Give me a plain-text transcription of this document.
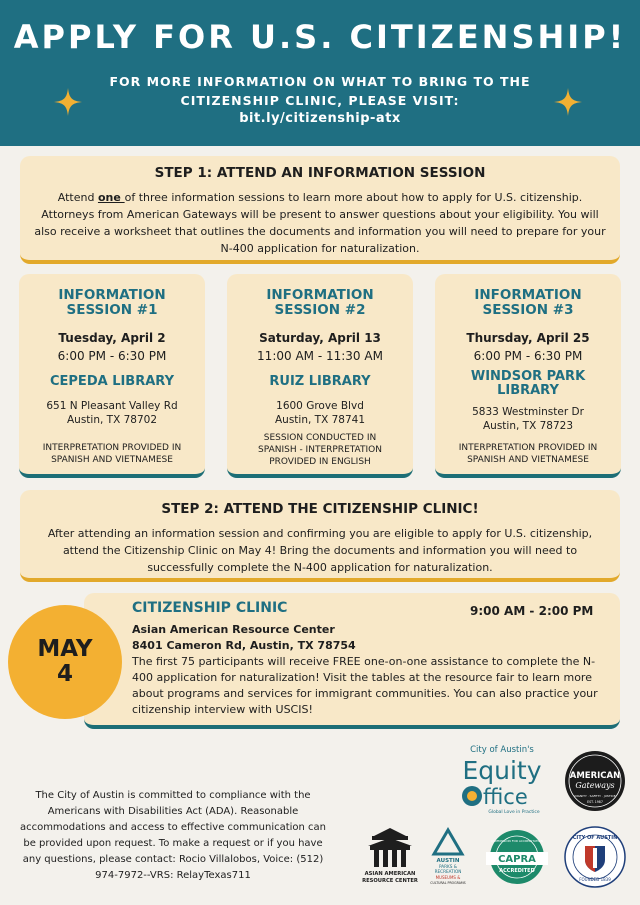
APPLY FOR U.S. CITIZENSHIP!
FOR MORE INFORMATION ON WHAT TO BRING TO THE
CITIZENSHIP CLINIC, PLEASE VISIT:
bit.ly/citizenship-atx
STEP 1: ATTEND AN INFORMATION SESSION
Attend one of three information sessions to learn more about how to apply for U.S. citizenship. Attorneys from American Gateways will be present to answer questions about your eligibility. You will also receive a worksheet that outlines the documents and information you will need to prepare for your N-400 application for naturalization.
INFORMATION
SESSION #1
Tuesday, April 2
6:00 PM - 6:30 PM
CEPEDA LIBRARY
651 N Pleasant Valley Rd
Austin, TX 78702
INTERPRETATION PROVIDED IN
SPANISH AND VIETNAMESE
INFORMATION
SESSION #2
Saturday, April 13
11:00 AM - 11:30 AM
RUIZ LIBRARY
1600 Grove Blvd
Austin, TX 78741
SESSION CONDUCTED IN
SPANISH - INTERPRETATION
PROVIDED IN ENGLISH
INFORMATION
SESSION #3
Thursday, April 25
6:00 PM - 6:30 PM
WINDSOR PARK
LIBRARY
5833 Westminster Dr
Austin, TX 78723
INTERPRETATION PROVIDED IN
SPANISH AND VIETNAMESE
STEP 2: ATTEND THE CITIZENSHIP CLINIC!
After attending an information session and confirming you are eligible to apply for U.S. citizenship, attend the Citizenship Clinic on May 4! Bring the documents and information you will need to successfully complete the N-400 application for naturalization.
MAY
4
CITIZENSHIP CLINIC	9:00 AM - 2:00 PM
Asian American Resource Center
8401 Cameron Rd, Austin, TX 78754
The first 75 participants will receive FREE one-on-one assistance to complete the N-400 application for naturalization! Visit the tables at the resource fair to learn more about programs and services for immigrant communities. You can also practice your citizenship interview with USCIS!
The City of Austin is committed to compliance with the Americans with Disabilities Act (ADA). Reasonable accommodations and access to effective communication can be provided upon request. To make a request or if you have any questions, please contact: Rocio Villalobos, Voice: (512) 974-7972--VRS: RelayTexas711
City of Austin's
Equity
ffice
Global Love in Practice
AMERICAN
Gateways
DIGNITY · SAFETY · JUSTICE
EST. 1987
ASIAN AMERICAN
RESOURCE CENTER
AUSTIN
PARKS &
RECREATION
MUSEUMS &
CULTURAL PROGRAMS
COMMISSION FOR ACCREDITATION
CAPRA
ACCREDITED
CITY OF AUSTIN
FOUNDED 1839
